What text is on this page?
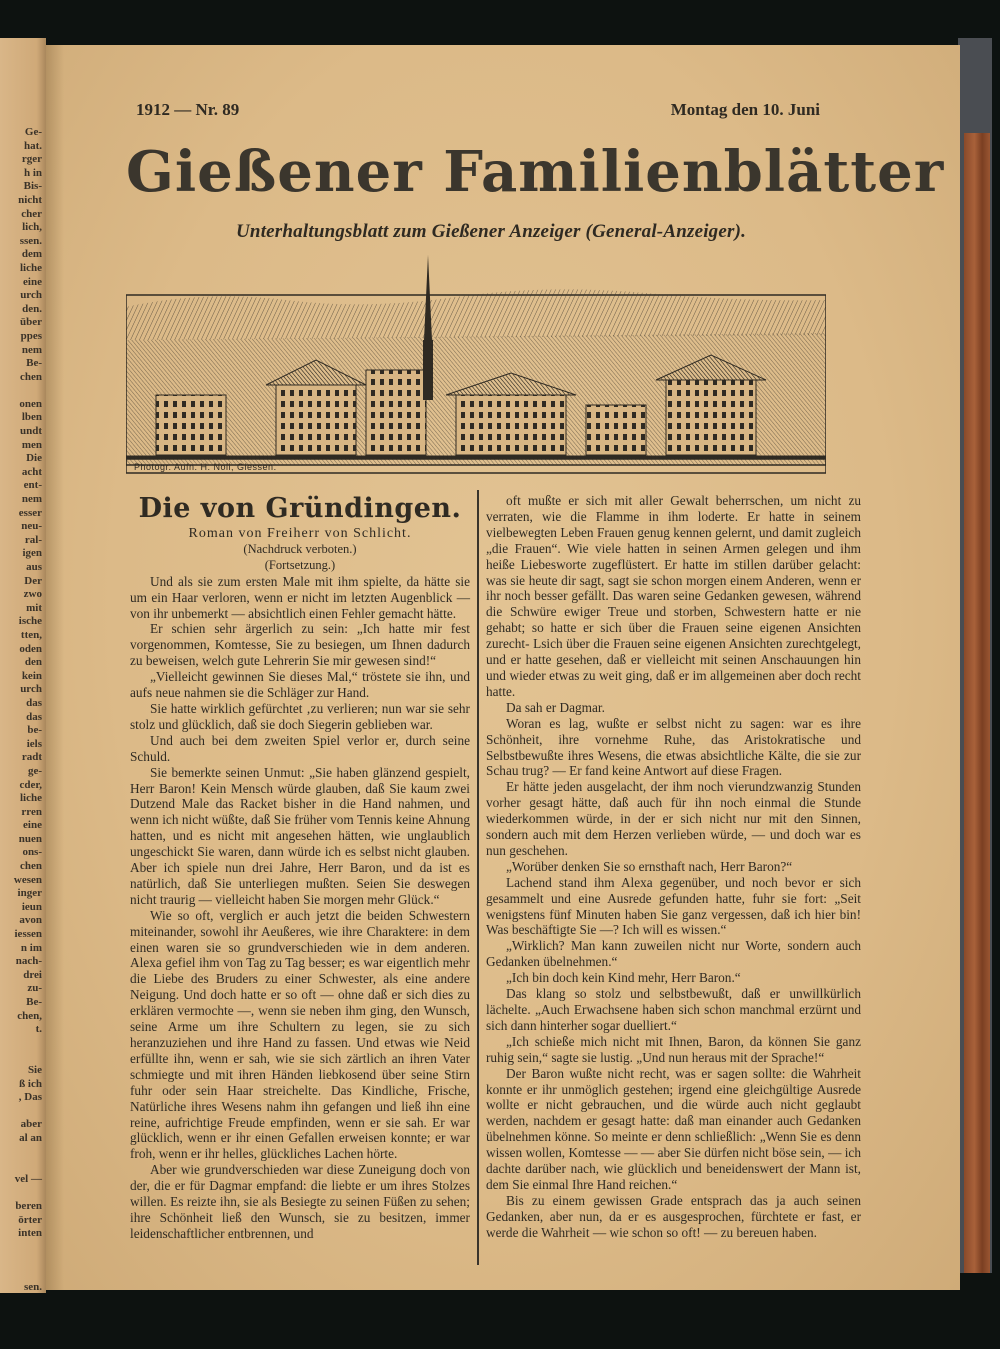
Ge-
hat.
rger
h in
Bis-
nicht
cher
lich,
ssen.
dem
liche
eine
urch
den.
über
ppes
nem
Be-
chen

onen
lben
undt
men
Die
acht
ent-
nem
esser
neu-
ral-
igen
aus
Der
zwo
mit
ische
tten,
oden
den
kein
urch
das
das
be-
iels
radt
ge-
cder,
liche
rren
eine
nuen
ons-
chen
wesen
inger
ieun
avon
iessen
n im
nach-
drei
zu-
Be-
chen,
t.

Sie
ß ich
, Das

aber
al an

vel —

beren
örter
inten

sen.
1912 — Nr. 89	Montag den 10. Juni
Photogr. Aufn. H. Noll, Giessen.
Gießener Familienblätter
Unterhaltungsblatt zum Gießener Anzeiger (General-Anzeiger).

Die von Gründingen.

Roman von Freiherr von Schlicht.

(Nachdruck verboten.)

(Fortsetzung.)

Und als sie zum ersten Male mit ihm spielte, da hätte sie um ein Haar verloren, wenn er nicht im letzten Augenblick — von ihr unbemerkt — absichtlich einen Fehler gemacht hätte.

Er schien sehr ärgerlich zu sein: „Ich hatte mir fest vorgenommen, Komtesse, Sie zu besiegen, um Ihnen dadurch zu beweisen, welch gute Lehrerin Sie mir gewesen sind!“

„Vielleicht gewinnen Sie dieses Mal,“ tröstete sie ihn, und aufs neue nahmen sie die Schläger zur Hand.

Sie hatte wirklich gefürchtet ‚zu verlieren; nun war sie sehr stolz und glücklich, daß sie doch Siegerin geblieben war.

Und auch bei dem zweiten Spiel verlor er, durch seine Schuld.

Sie bemerkte seinen Unmut: „Sie haben glänzend gespielt, Herr Baron! Kein Mensch würde glauben, daß Sie kaum zwei Dutzend Male das Racket bisher in die Hand nahmen, und wenn ich nicht wüßte, daß Sie früher vom Tennis keine Ahnung hatten, und es nicht mit angesehen hätten, wie unglaublich ungeschickt Sie waren, dann würde ich es selbst nicht glauben. Aber ich spiele nun drei Jahre, Herr Baron, und da ist es natürlich, daß Sie unterliegen mußten. Seien Sie deswegen nicht traurig — vielleicht haben Sie morgen mehr Glück.“

Wie so oft, verglich er auch jetzt die beiden Schwestern miteinander, sowohl ihr Aeußeres, wie ihre Charaktere: in dem einen waren sie so grundverschieden wie in dem anderen. Alexa gefiel ihm von Tag zu Tag besser; es war eigentlich mehr die Liebe des Bruders zu einer Schwester, als eine andere Neigung. Und doch hatte er so oft — ohne daß er sich dies zu erklären vermochte —, wenn sie neben ihm ging, den Wunsch, seine Arme um ihre Schultern zu legen, sie zu sich heranzuziehen und ihre Hand zu fassen. Und etwas wie Neid erfüllte ihn, wenn er sah, wie sie sich zärtlich an ihren Vater schmiegte und mit ihren Händen liebkosend über seine Stirn fuhr oder sein Haar streichelte. Das Kindliche, Frische, Natürliche ihres Wesens nahm ihn gefangen und ließ ihn eine reine, aufrichtige Freude empfinden, wenn er sie sah. Er war glücklich, wenn er ihr einen Gefallen erweisen konnte; er war froh, wenn er ihr helles, glückliches Lachen hörte.

Aber wie grundverschieden war diese Zuneigung doch von der, die er für Dagmar empfand: die liebte er um ihres Stolzes willen. Es reizte ihn, sie als Besiegte zu seinen Füßen zu sehen; ihre Schönheit ließ den Wunsch, sie zu besitzen, immer leidenschaftlicher entbrennen, und

oft mußte er sich mit aller Gewalt beherrschen, um nicht zu verraten, wie die Flamme in ihm loderte. Er hatte in seinem vielbewegten Leben Frauen genug kennen gelernt, und damit zugleich „die Frauen“. Wie viele hatten in seinen Armen gelegen und ihm heiße Liebesworte zugeflüstert. Er hatte im stillen darüber gelacht: was sie heute dir sagt, sagt sie schon morgen einem Anderen, wenn er ihr noch besser gefällt. Das waren seine Gedanken gewesen, während die Schwüre ewiger Treue und storben, Schwestern hatte er nie gehabt; so hatte er sich über die Frauen seine eigenen Ansichten zurecht- Lsich über die Frauen seine eigenen Ansichten zurechtgelegt, und er hatte gesehen, daß er vielleicht mit seinen Anschauungen hin und wieder etwas zu weit ging, daß er im allgemeinen aber doch recht hatte.

Da sah er Dagmar.

Woran es lag, wußte er selbst nicht zu sagen: war es ihre Schönheit, ihre vornehme Ruhe, das Aristokratische und Selbstbewußte ihres Wesens, die etwas absichtliche Kälte, die sie zur Schau trug? — Er fand keine Antwort auf diese Fragen.

Er hätte jeden ausgelacht, der ihm noch vierundzwanzig Stunden vorher gesagt hätte, daß auch für ihn noch einmal die Stunde wiederkommen würde, in der er sich nicht nur mit den Sinnen, sondern auch mit dem Herzen verlieben würde, — und doch war es nun geschehen.

„Worüber denken Sie so ernsthaft nach, Herr Baron?“

Lachend stand ihm Alexa gegenüber, und noch bevor er sich gesammelt und eine Ausrede gefunden hatte, fuhr sie fort: „Seit wenigstens fünf Minuten haben Sie ganz vergessen, daß ich hier bin! Was beschäftigte Sie —? Ich will es wissen.“

„Wirklich? Man kann zuweilen nicht nur Worte, sondern auch Gedanken übelnehmen.“

„Ich bin doch kein Kind mehr, Herr Baron.“

Das klang so stolz und selbstbewußt, daß er unwillkürlich lächelte. „Auch Erwachsene haben sich schon manchmal erzürnt und sich dann hinterher sogar duelliert.“

„Ich schieße mich nicht mit Ihnen, Baron, da können Sie ganz ruhig sein,“ sagte sie lustig. „Und nun heraus mit der Sprache!“

Der Baron wußte nicht recht, was er sagen sollte: die Wahrheit konnte er ihr unmöglich gestehen; irgend eine gleichgültige Ausrede wollte er nicht gebrauchen, und die würde auch nicht geglaubt werden, nachdem er gesagt hatte: daß man einander auch Gedanken übelnehmen könne. So meinte er denn schließlich: „Wenn Sie es denn wissen wollen, Komtesse — — aber Sie dürfen nicht böse sein, — ich dachte darüber nach, wie glücklich und beneidenswert der Mann ist, dem Sie einmal Ihre Hand reichen.“

Bis zu einem gewissen Grade entsprach das ja auch seinen Gedanken, aber nun, da er es ausgesprochen, fürchtete er fast, er werde die Wahrheit — wie schon so oft! — zu bereuen haben.
